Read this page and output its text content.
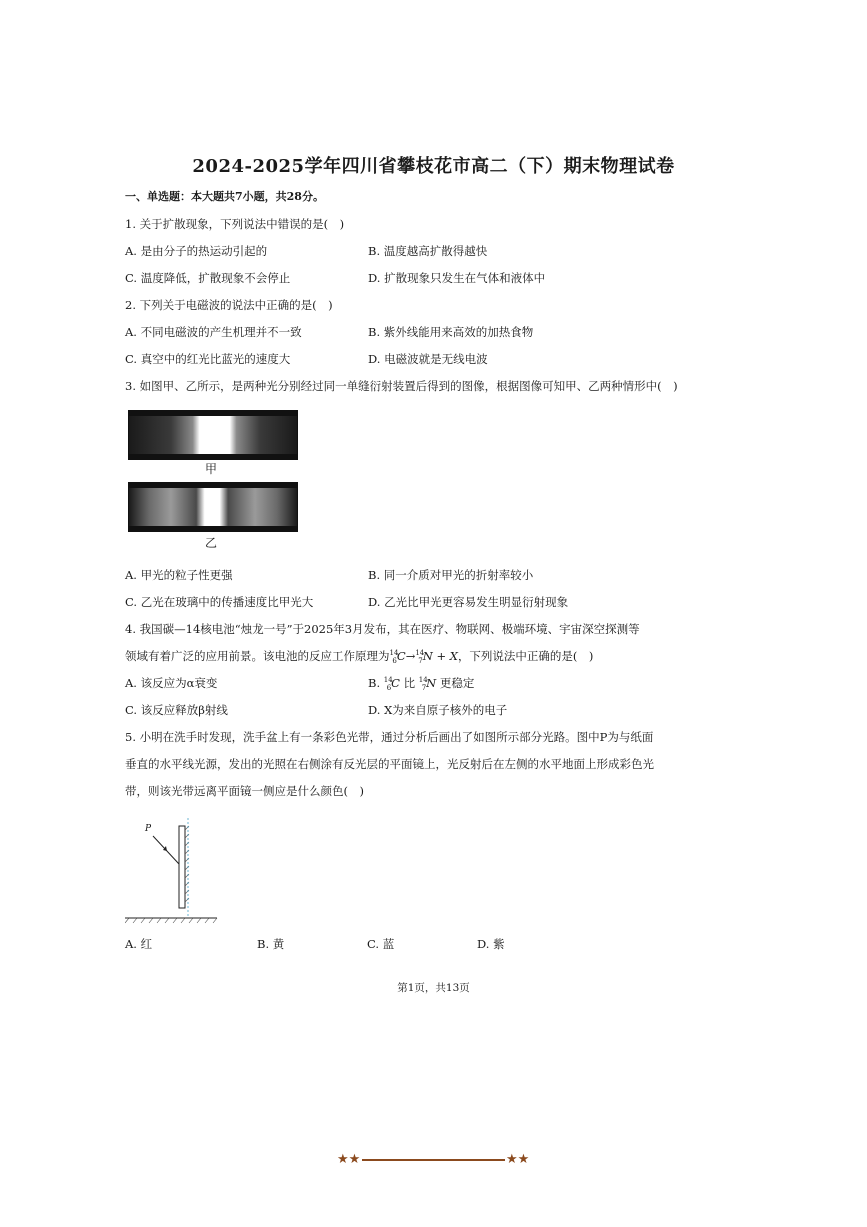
2024-2025学年四川省攀枝花市高二（下）期末物理试卷
一、单选题：本大题共7小题，共28分。
1. 关于扩散现象，下列说法中错误的是(　)
A. 是由分子的热运动引起的	B. 温度越高扩散得越快
C. 温度降低，扩散现象不会停止	D. 扩散现象只发生在气体和液体中
2. 下列关于电磁波的说法中正确的是(　)
A. 不同电磁波的产生机理并不一致	B. 紫外线能用来高效的加热食物
C. 真空中的红光比蓝光的速度大	D. 电磁波就是无线电波
3. 如图甲、乙所示，是两种光分别经过同一单缝衍射装置后得到的图像，根据图像可知甲、乙两种情形中(　)
甲
乙
A. 甲光的粒子性更强	B. 同一介质对甲光的折射率较小
C. 乙光在玻璃中的传播速度比甲光大	D. 乙光比甲光更容易发生明显衍射现象
4. 我国碳—14核电池“烛龙一号”于2025年3月发布，其在医疗、物联网、极端环境、宇宙深空探测等
领域有着广泛的应用前景。该电池的反应工作原理为$^{14}_6$C→$^{14}_7$N + X，下列说法中正确的是(　)
A. 该反应为α衰变	B. $^{14}_6$C 比 $^{14}_7$N 更稳定
C. 该反应释放β射线	D. X为来自原子核外的电子
5. 小明在洗手时发现，洗手盆上有一条彩色光带，通过分析后画出了如图所示部分光路。图中P为与纸面
垂直的水平线光源，发出的光照在右侧涂有反光层的平面镜上，光反射后在左侧的水平地面上形成彩色光
带，则该光带远离平面镜一侧应是什么颜色(　)
P
A. 红	B. 黄	C. 蓝	D. 紫
第1页，共13页
★★	★★
